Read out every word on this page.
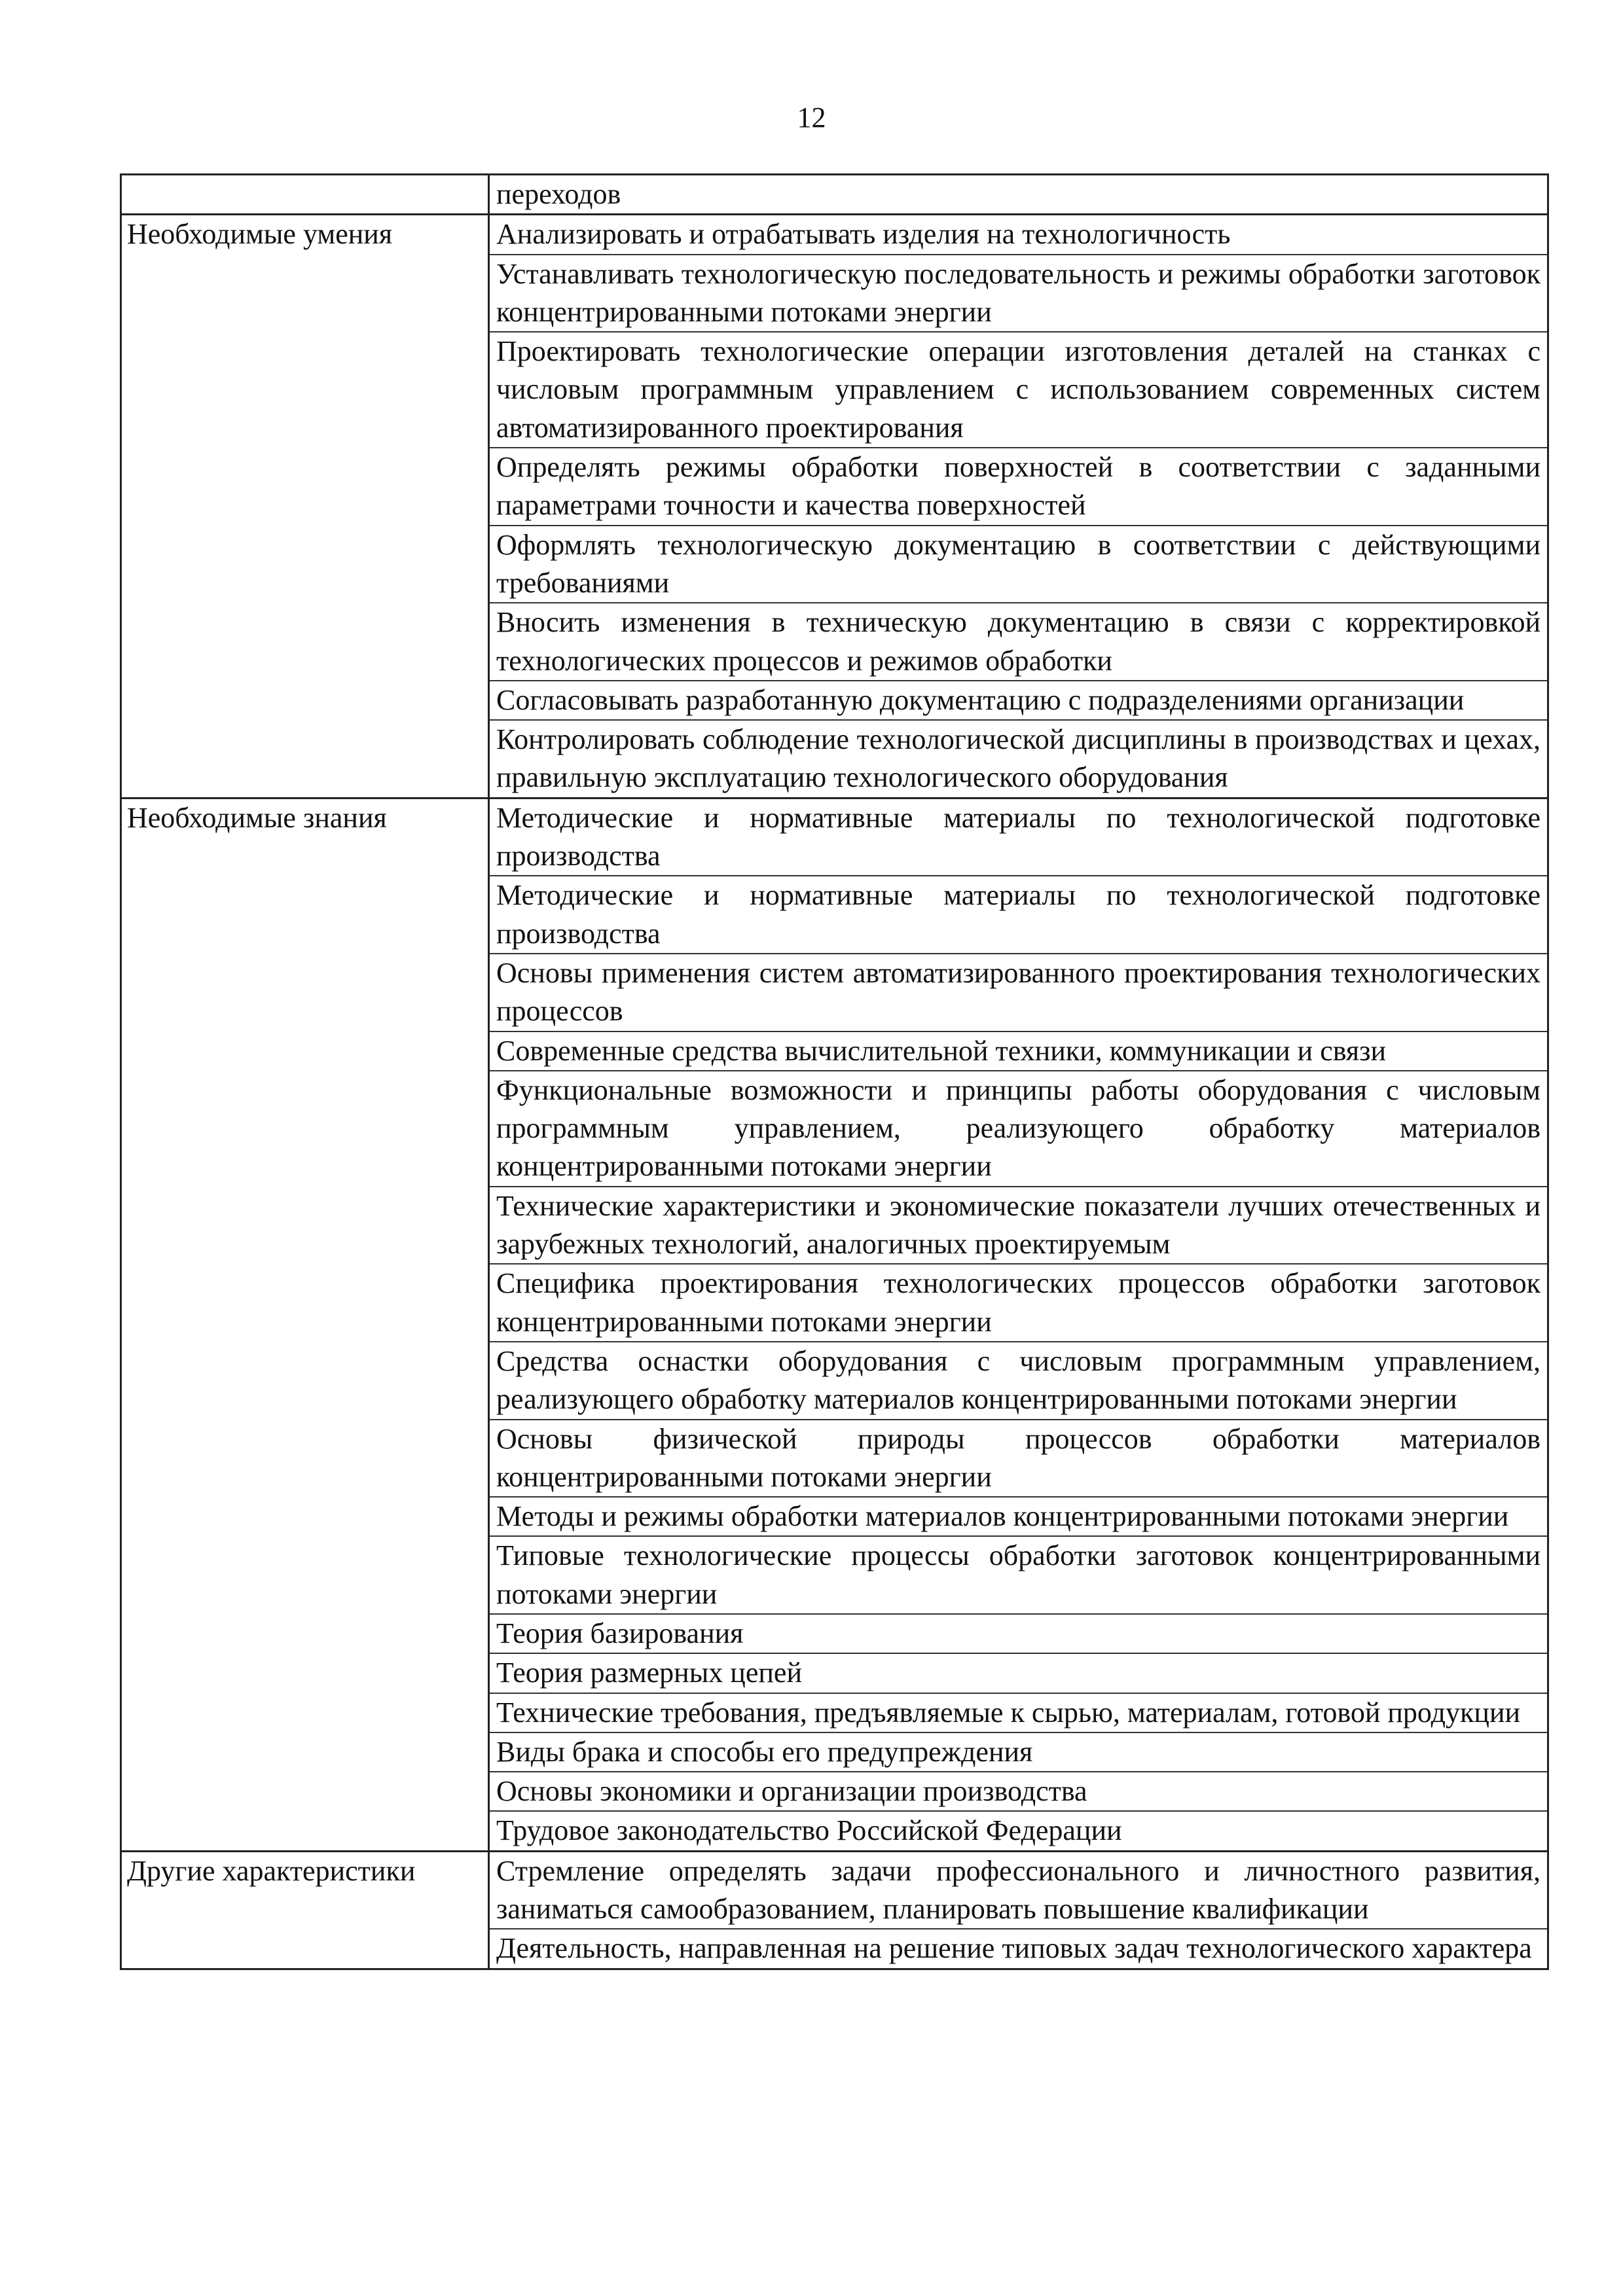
12
переходов
Необходимые умения	Анализировать и отрабатывать изделия на технологичность
Устанавливать технологическую последовательность и режимы обработки заготовок концентрированными потоками энергии
Проектировать технологические операции изготовления деталей на станках с числовым программным управлением с использованием современных систем автоматизированного проектирования
Определять режимы обработки поверхностей в соответствии с заданными параметрами точности и качества поверхностей
Оформлять технологическую документацию в соответствии с действующими требованиями
Вносить изменения в техническую документацию в связи с корректировкой технологических процессов и режимов обработки
Согласовывать разработанную документацию с подразделениями организации
Контролировать соблюдение технологической дисциплины в производствах и цехах, правильную эксплуатацию технологического оборудования
Необходимые знания	Методические и нормативные материалы по технологической подготовке производства
Методические и нормативные материалы по технологической подготовке производства
Основы применения систем автоматизированного проектирования технологических процессов
Современные средства вычислительной техники, коммуникации и связи
Функциональные возможности и принципы работы оборудования с числовым программным управлением, реализующего обработку материалов концентрированными потоками энергии
Технические характеристики и экономические показатели лучших отечественных и зарубежных технологий, аналогичных проектируемым
Специфика проектирования технологических процессов обработки заготовок концентрированными потоками энергии
Средства оснастки оборудования с числовым программным управлением, реализующего обработку материалов концентрированными потоками энергии
Основы физической природы процессов обработки материалов концентрированными потоками энергии
Методы и режимы обработки материалов концентрированными потоками энергии
Типовые технологические процессы обработки заготовок концентрированными потоками энергии
Теория базирования
Теория размерных цепей
Технические требования, предъявляемые к сырью, материалам, готовой продукции
Виды брака и способы его предупреждения
Основы экономики и организации производства
Трудовое законодательство Российской Федерации
Другие характеристики	Стремление определять задачи профессионального и личностного развития, заниматься самообразованием, планировать повышение квалификации
Деятельность, направленная на решение типовых задач технологического характера
